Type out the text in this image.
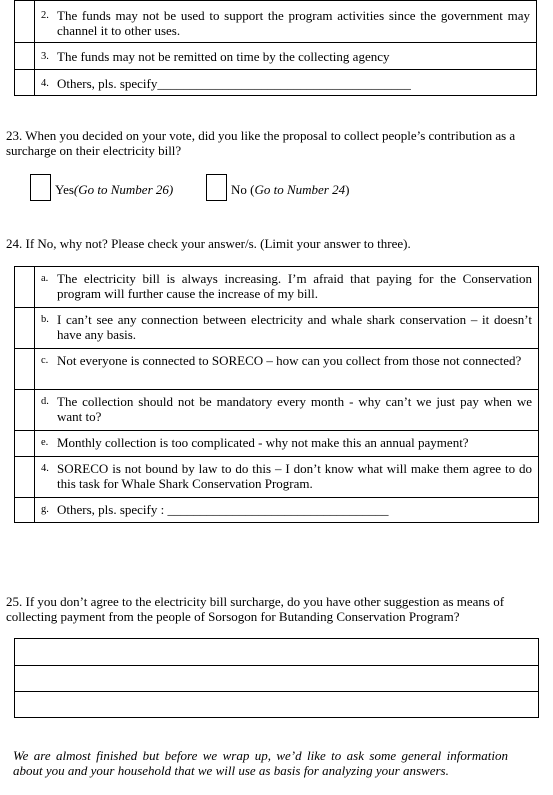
	2. The funds may not be used to support the program activities since the government may channel it to other uses.

	3. The funds may not be remitted on time by the collecting agency

	4. Others, pls. specify_______________________________________
23. When you decided on your vote, did you like the proposal to collect people’s contribution as a surcharge on their electricity bill?
Yes(Go to Number 26)	No (Go to Number 24)
24. If No, why not? Please check your answer/s. (Limit your answer to three).

	a. The electricity bill is always increasing. I’m afraid that paying for the Conservation program will further cause the increase of my bill.

	b. I can’t see any connection between electricity and whale shark conservation – it doesn’t have any basis.

	c. Not everyone is connected to SORECO – how can you collect from those not connected?

	d. The collection should not be mandatory every month - why can’t we just pay when we want to?

	e. Monthly collection is too complicated - why not make this an annual payment?

	4. SORECO is not bound by law to do this – I don’t know what will make them agree to do this task for Whale Shark Conservation Program.

	g. Others, pls. specify : __________________________________
25. If you don’t agree to the electricity bill surcharge, do you have other suggestion as means of collecting payment from the people of Sorsogon for Butanding Conservation Program?

We are almost finished but before we wrap up, we’d like to ask some general information about you and your household that we will use as basis for analyzing your answers.
